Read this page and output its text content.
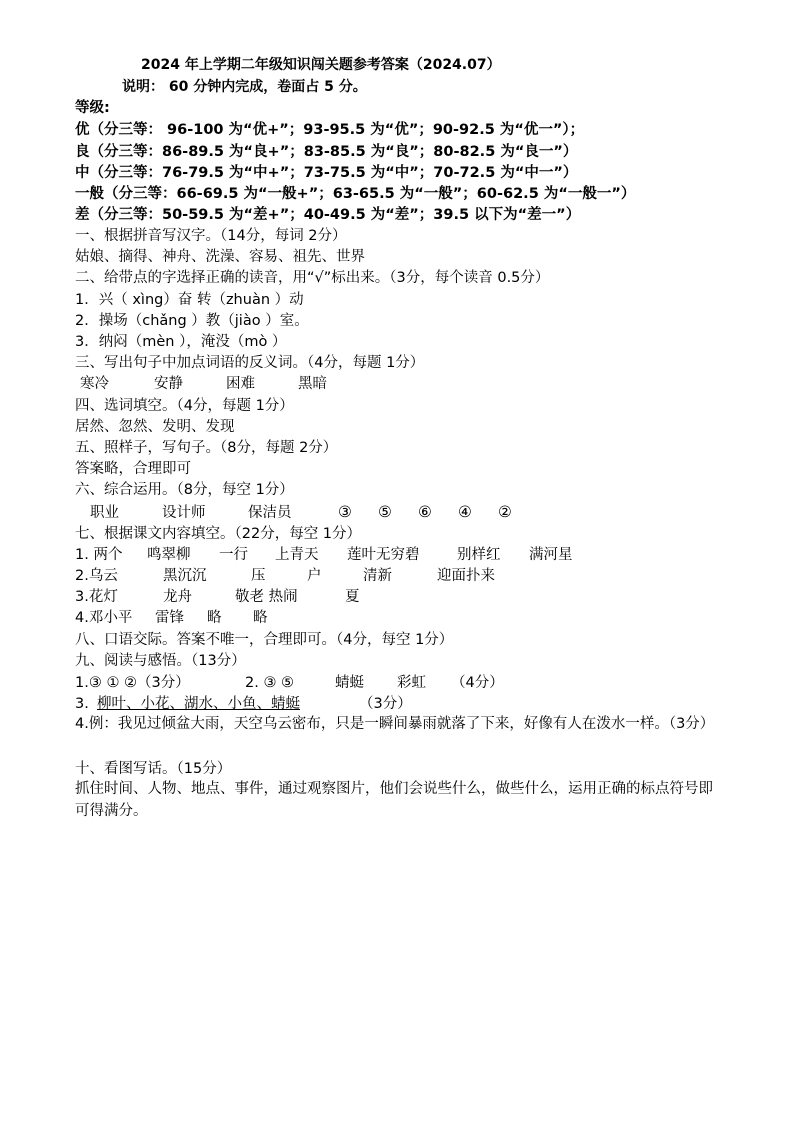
2024 年上学期二年级知识闯关题参考答案（2024.07）
说明： 60 分钟内完成，卷面占 5 分。
等级:
优（分三等： 96-100 为“优+”；93-95.5 为“优”；90-92.5 为“优一”）；
良（分三等：86-89.5 为“良+”；83-85.5 为“良”；80-82.5 为“良一”）
中（分三等：76-79.5 为“中+”；73-75.5 为“中”；70-72.5 为“中一”）
一般（分三等：66-69.5 为“一般+”；63-65.5 为“一般”；60-62.5 为“一般一”）
差（分三等：50-59.5 为“差+”；40-49.5 为“差”；39.5 以下为“差一”）
一、根据拼音写汉字。（14分，每词 2分）
姑娘、摘得、神舟、洗澡、容易、祖先、世界
二、给带点的字选择正确的读音，用“√”标出来。（3分，每个读音 0.5分）
1．兴（ xìng）奋 转（zhuàn ）动
2．操场（chǎng ）教（jiào ）室。
3．纳闷（mèn ），淹没（mò ）
三、写出句子中加点词语的反义词。（4分，每题 1分）
寒冷	安静	困难	黑暗
四、选词填空。（4分，每题 1分）
居然、忽然、发明、发现
五、照样子，写句子。（8分，每题 2分）
答案略，合理即可
六、综合运用。（8分，每空 1分）
职业	设计师	保洁员	③ ⑤ ⑥ ④ ②
七、根据课文内容填空。（22分，每空 1分）
1. 两个 鸣翠柳 一行 上青天 莲叶无穷碧	别样红 满河星
2.乌云	黑沉沉	压	户	清新	迎面扑来
3.花灯	龙舟	敬老 热闹	夏
4.邓小平 雷锋 略 略
八、口语交际。答案不唯一，合理即可。（4分，每空 1分）
九、阅读与感悟。（13分）
1.③ ① ②（3分）	2. ③ ⑤	蜻蜓 彩虹 （4分）
3. 柳叶、小花、湖水、小鱼、蜻蜓	（3分）
4.例：我见过倾盆大雨，天空乌云密布，只是一瞬间暴雨就落了下来，好像有人在泼水一样。（3分）
十、看图写话。（15分）
抓住时间、人物、地点、事件，通过观察图片，他们会说些什么，做些什么，运用正确的标点符号即可得满分。
